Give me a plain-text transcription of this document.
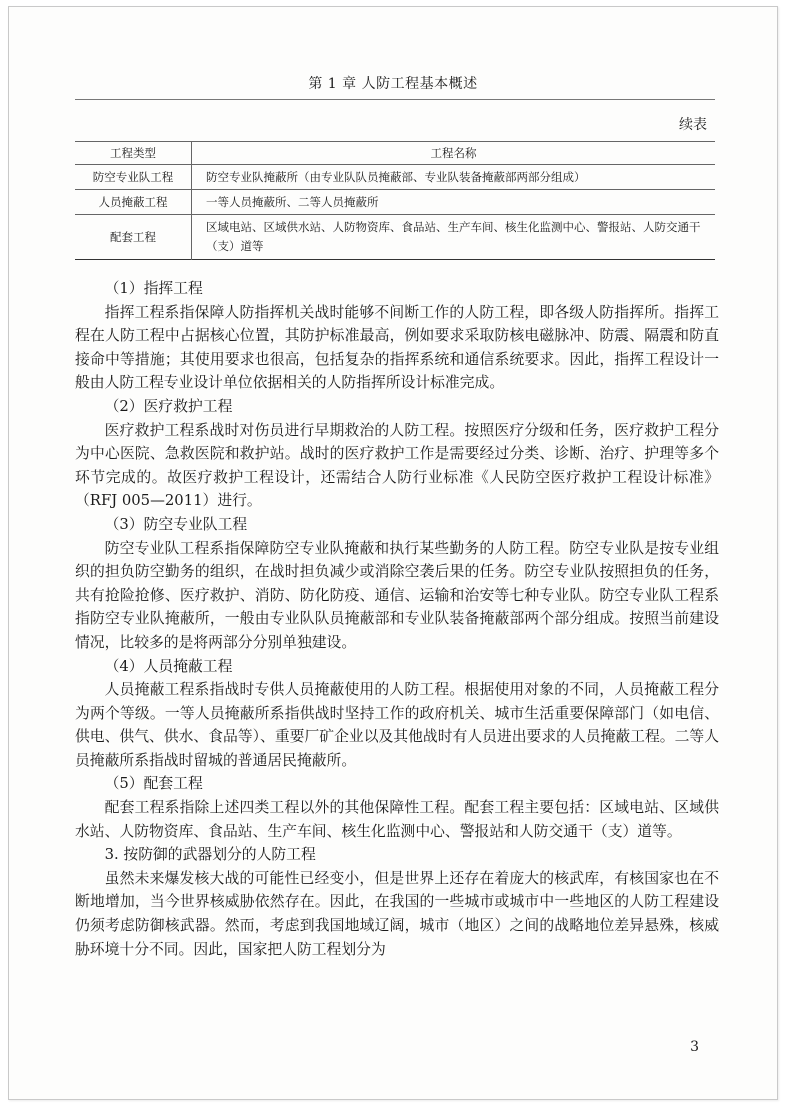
第 1 章 人防工程基本概述
续表
工程类型	工程名称
防空专业队工程	防空专业队掩蔽所（由专业队队员掩蔽部、专业队装备掩蔽部两部分组成）
人员掩蔽工程	一等人员掩蔽所、二等人员掩蔽所
配套工程	区域电站、区域供水站、人防物资库、食品站、生产车间、核生化监测中心、警报站、人防交通干（支）道等

（1）指挥工程

指挥工程系指保障人防指挥机关战时能够不间断工作的人防工程，即各级人防指挥所。指挥工程在人防工程中占据核心位置，其防护标准最高，例如要求采取防核电磁脉冲、防震、隔震和防直接命中等措施；其使用要求也很高，包括复杂的指挥系统和通信系统要求。因此，指挥工程设计一般由人防工程专业设计单位依据相关的人防指挥所设计标准完成。

（2）医疗救护工程

医疗救护工程系战时对伤员进行早期救治的人防工程。按照医疗分级和任务，医疗救护工程分为中心医院、急救医院和救护站。战时的医疗救护工作是需要经过分类、诊断、治疗、护理等多个环节完成的。故医疗救护工程设计，还需结合人防行业标准《人民防空医疗救护工程设计标准》（RFJ 005—2011）进行。

（3）防空专业队工程

防空专业队工程系指保障防空专业队掩蔽和执行某些勤务的人防工程。防空专业队是按专业组织的担负防空勤务的组织，在战时担负减少或消除空袭后果的任务。防空专业队按照担负的任务，共有抢险抢修、医疗救护、消防、防化防疫、通信、运输和治安等七种专业队。防空专业队工程系指防空专业队掩蔽所，一般由专业队队员掩蔽部和专业队装备掩蔽部两个部分组成。按照当前建设情况，比较多的是将两部分分别单独建设。

（4）人员掩蔽工程

人员掩蔽工程系指战时专供人员掩蔽使用的人防工程。根据使用对象的不同，人员掩蔽工程分为两个等级。一等人员掩蔽所系指供战时坚持工作的政府机关、城市生活重要保障部门（如电信、供电、供气、供水、食品等）、重要厂矿企业以及其他战时有人员进出要求的人员掩蔽工程。二等人员掩蔽所系指战时留城的普通居民掩蔽所。

（5）配套工程

配套工程系指除上述四类工程以外的其他保障性工程。配套工程主要包括：区域电站、区域供水站、人防物资库、食品站、生产车间、核生化监测中心、警报站和人防交通干（支）道等。

3. 按防御的武器划分的人防工程

虽然未来爆发核大战的可能性已经变小，但是世界上还存在着庞大的核武库，有核国家也在不断地增加，当今世界核威胁依然存在。因此，在我国的一些城市或城市中一些地区的人防工程建设仍须考虑防御核武器。然而，考虑到我国地域辽阔，城市（地区）之间的战略地位差异悬殊，核威胁环境十分不同。因此，国家把人防工程划分为

3
